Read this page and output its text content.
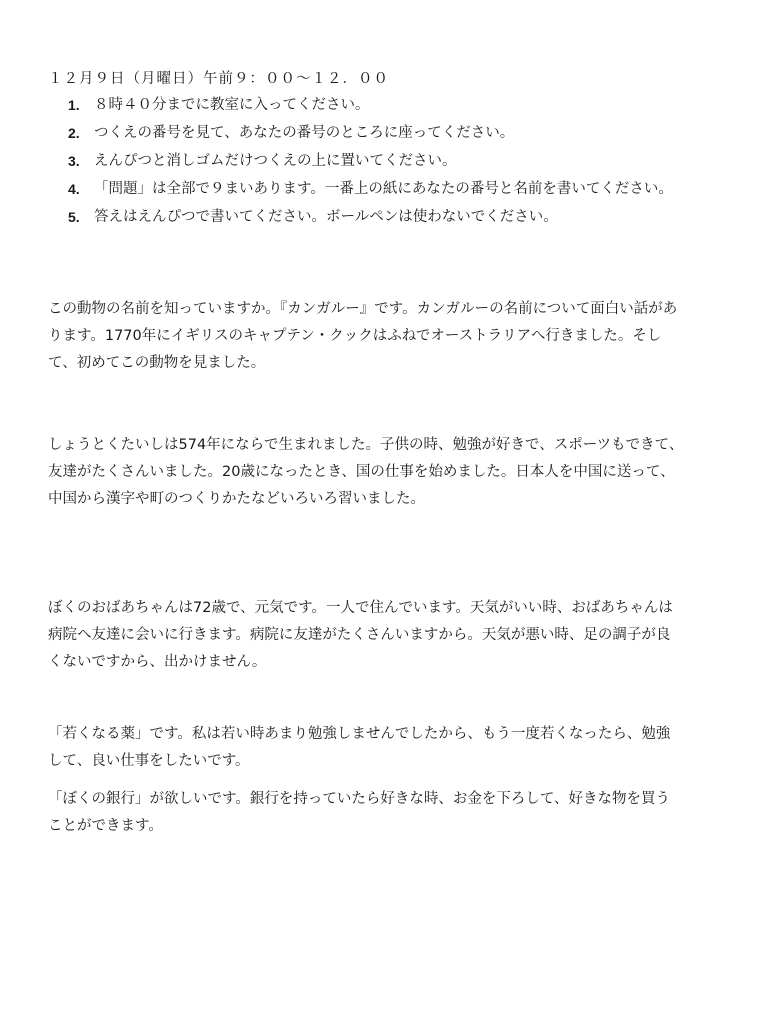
１２月９日（月曜日）午前９：００～１２．００
1. ８時４０分までに教室に入ってください。
2. つくえの番号を見て、あなたの番号のところに座ってください。
3. えんぴつと消しゴムだけつくえの上に置いてください。
4. 「問題」は全部で９まいあります。一番上の紙にあなたの番号と名前を書いてください。
5. 答えはえんぴつで書いてください。ボールペンは使わないでください。

この動物の名前を知っていますか。『カンガルー』です。カンガルーの名前について面白い話があります。1770年にイギリスのキャプテン・クックはふねでオーストラリアへ行きました。そして、初めてこの動物を見ました。

しょうとくたいしは574年にならで生まれました。子供の時、勉強が好きで、スポーツもできて、友達がたくさんいました。20歳になったとき、国の仕事を始めました。日本人を中国に送って、中国から漢字や町のつくりかたなどいろいろ習いました。

ぼくのおばあちゃんは72歳で、元気です。一人で住んでいます。天気がいい時、おばあちゃんは病院へ友達に会いに行きます。病院に友達がたくさんいますから。天気が悪い時、足の調子が良くないですから、出かけません。

「若くなる薬」です。私は若い時あまり勉強しませんでしたから、もう一度若くなったら、勉強して、良い仕事をしたいです。

「ぼくの銀行」が欲しいです。銀行を持っていたら好きな時、お金を下ろして、好きな物を買うことができます。
